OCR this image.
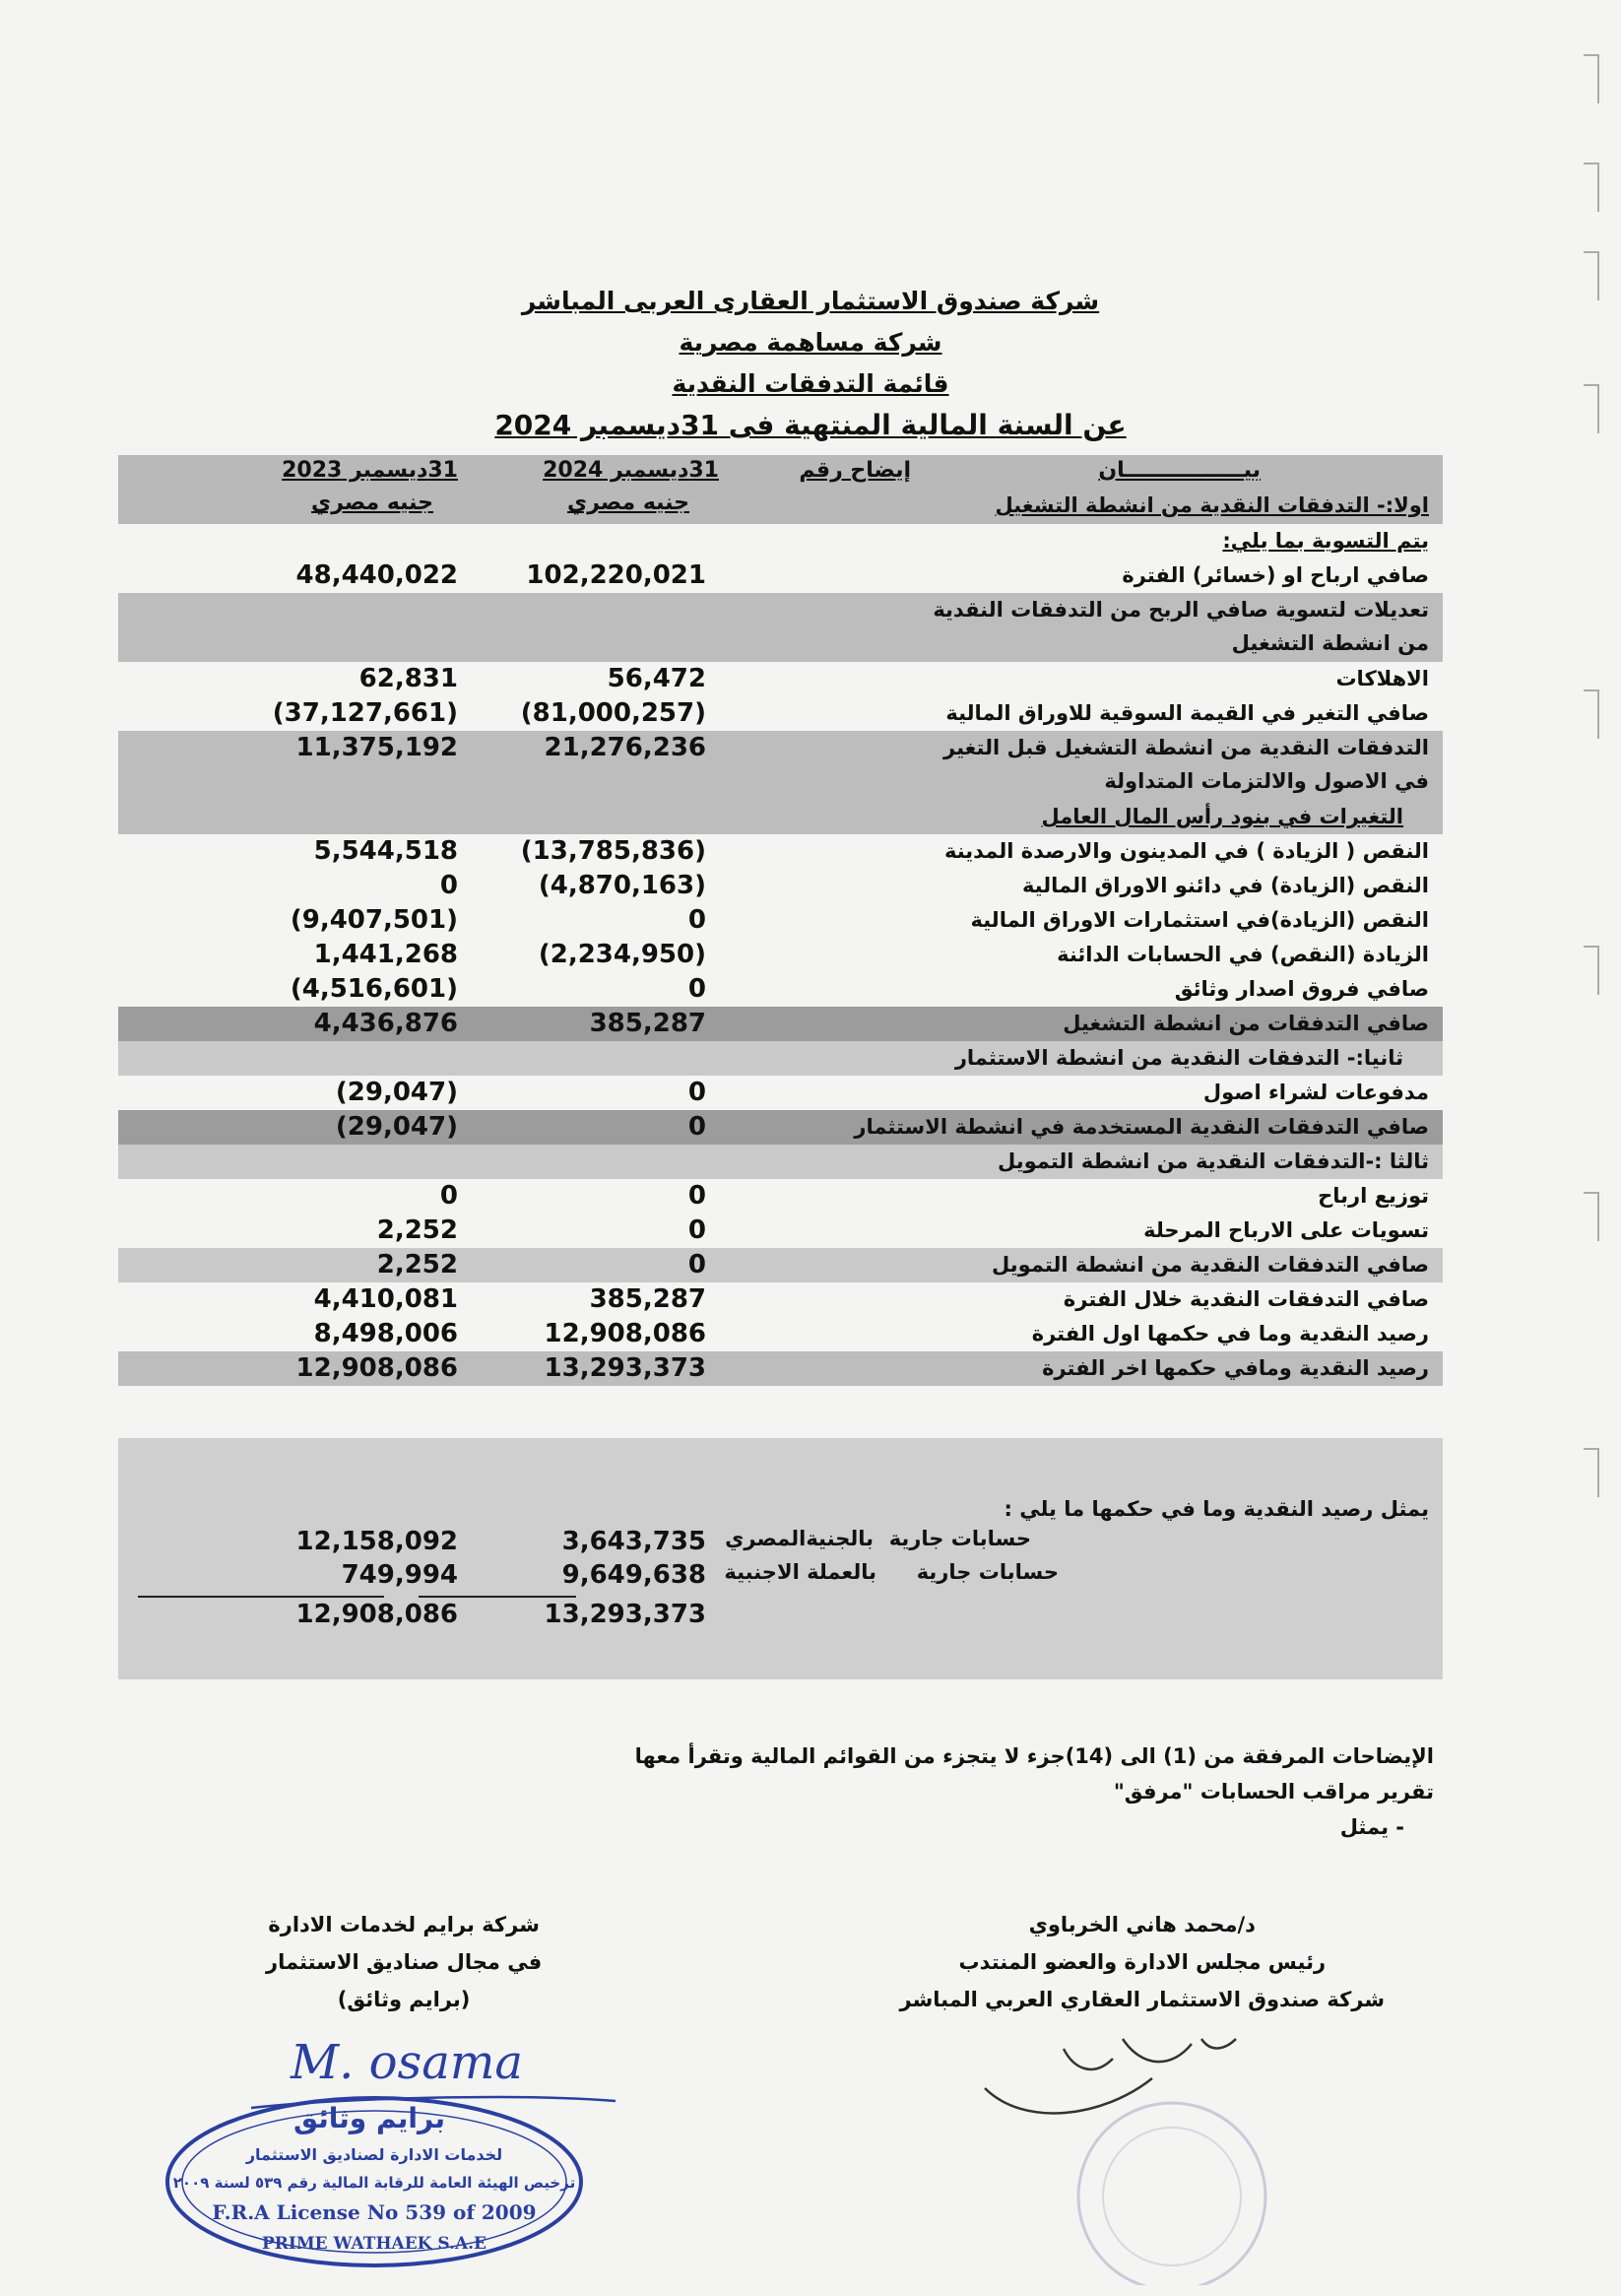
شركة صندوق الاستثمار العقارى العربى المباشر
شركة مساهمة مصرية
قائمة التدفقات النقدية
عن السنة المالية المنتهية فى 31ديسمبر 2024
بيــــــــــــــــان
إيضاح رقم
31ديسمبر 2024
31ديسمبر 2023
جنيه مصري
جنيه مصري	اولا:- التدفقات النقدية من انشطة التشغيل
يتم التسوية بما يلي:
صافي ارباح او (خسائر) الفترة
102,220,021
48,440,022
تعديلات لتسوية صافي الربح من التدفقات النقدية من انشطة التشغيل
الاهلاكات
56,472
62,831
صافي التغير في القيمة السوقية للاوراق المالية
(81,000,257)
(37,127,661)
التدفقات النقدية من انشطة التشغيل قبل التغير في الاصول والالتزمات المتداولة
21,276,236
11,375,192
التغيرات في بنود رأس المال العامل
النقص ( الزيادة ) في المدينون والارصدة المدينة
(13,785,836)
5,544,518
النقص (الزيادة) في دائنو الاوراق المالية
(4,870,163)
0
النقص (الزيادة)في استثمارات الاوراق المالية
0
(9,407,501)
الزيادة (النقص) في الحسابات الدائنة
(2,234,950)
1,441,268
صافي فروق اصدار وثائق
0
(4,516,601)
صافي التدفقات من انشطة التشغيل
385,287
4,436,876
ثانيا:- التدفقات النقدية من انشطة الاستثمار
مدفوعات لشراء اصول
0
(29,047)
صافي التدفقات النقدية المستخدمة في انشطة الاستثمار
0
(29,047)
ثالثا :-التدفقات النقدية من انشطة التمويل
توزيع ارباح
0
0
تسويات على الارباح المرحلة
0
2,252
صافي التدفقات النقدية من انشطة التمويل
0
2,252
صافي التدفقات النقدية خلال الفترة
385,287
4,410,081
رصيد النقدية وما في حكمها اول الفترة
12,908,086
8,498,006
رصيد النقدية ومافي حكمها اخر الفترة
13,293,373
12,908,086
يمثل رصيد النقدية وما في حكمها ما يلي :
حسابات جارية
بالجنيةالمصري
3,643,735
12,158,092
حسابات جارية
بالعملة الاجنبية
9,649,638
749,994
13,293,373
12,908,086
الإيضاحات المرفقة من (1) الى (14)جزء لا يتجزء من القوائم المالية وتقرأ معها
تقرير مراقب الحسابات "مرفق"
- يمثل
د/محمد هاني الخرباوي
رئيس مجلس الادارة والعضو المنتدب
شركة صندوق الاستثمار العقاري العربي المباشر
شركة برايم لخدمات الادارة
في مجال صناديق الاستثمار
(برايم وثائق)
M. osama
برايم وثائق
لخدمات الادارة لصناديق الاستثمار
ترخيص الهيئة العامة للرقابة المالية رقم ٥٣٩ لسنة ٢٠٠٩
F.R.A License No 539 of 2009
PRIME WATHAEK S.A.E
